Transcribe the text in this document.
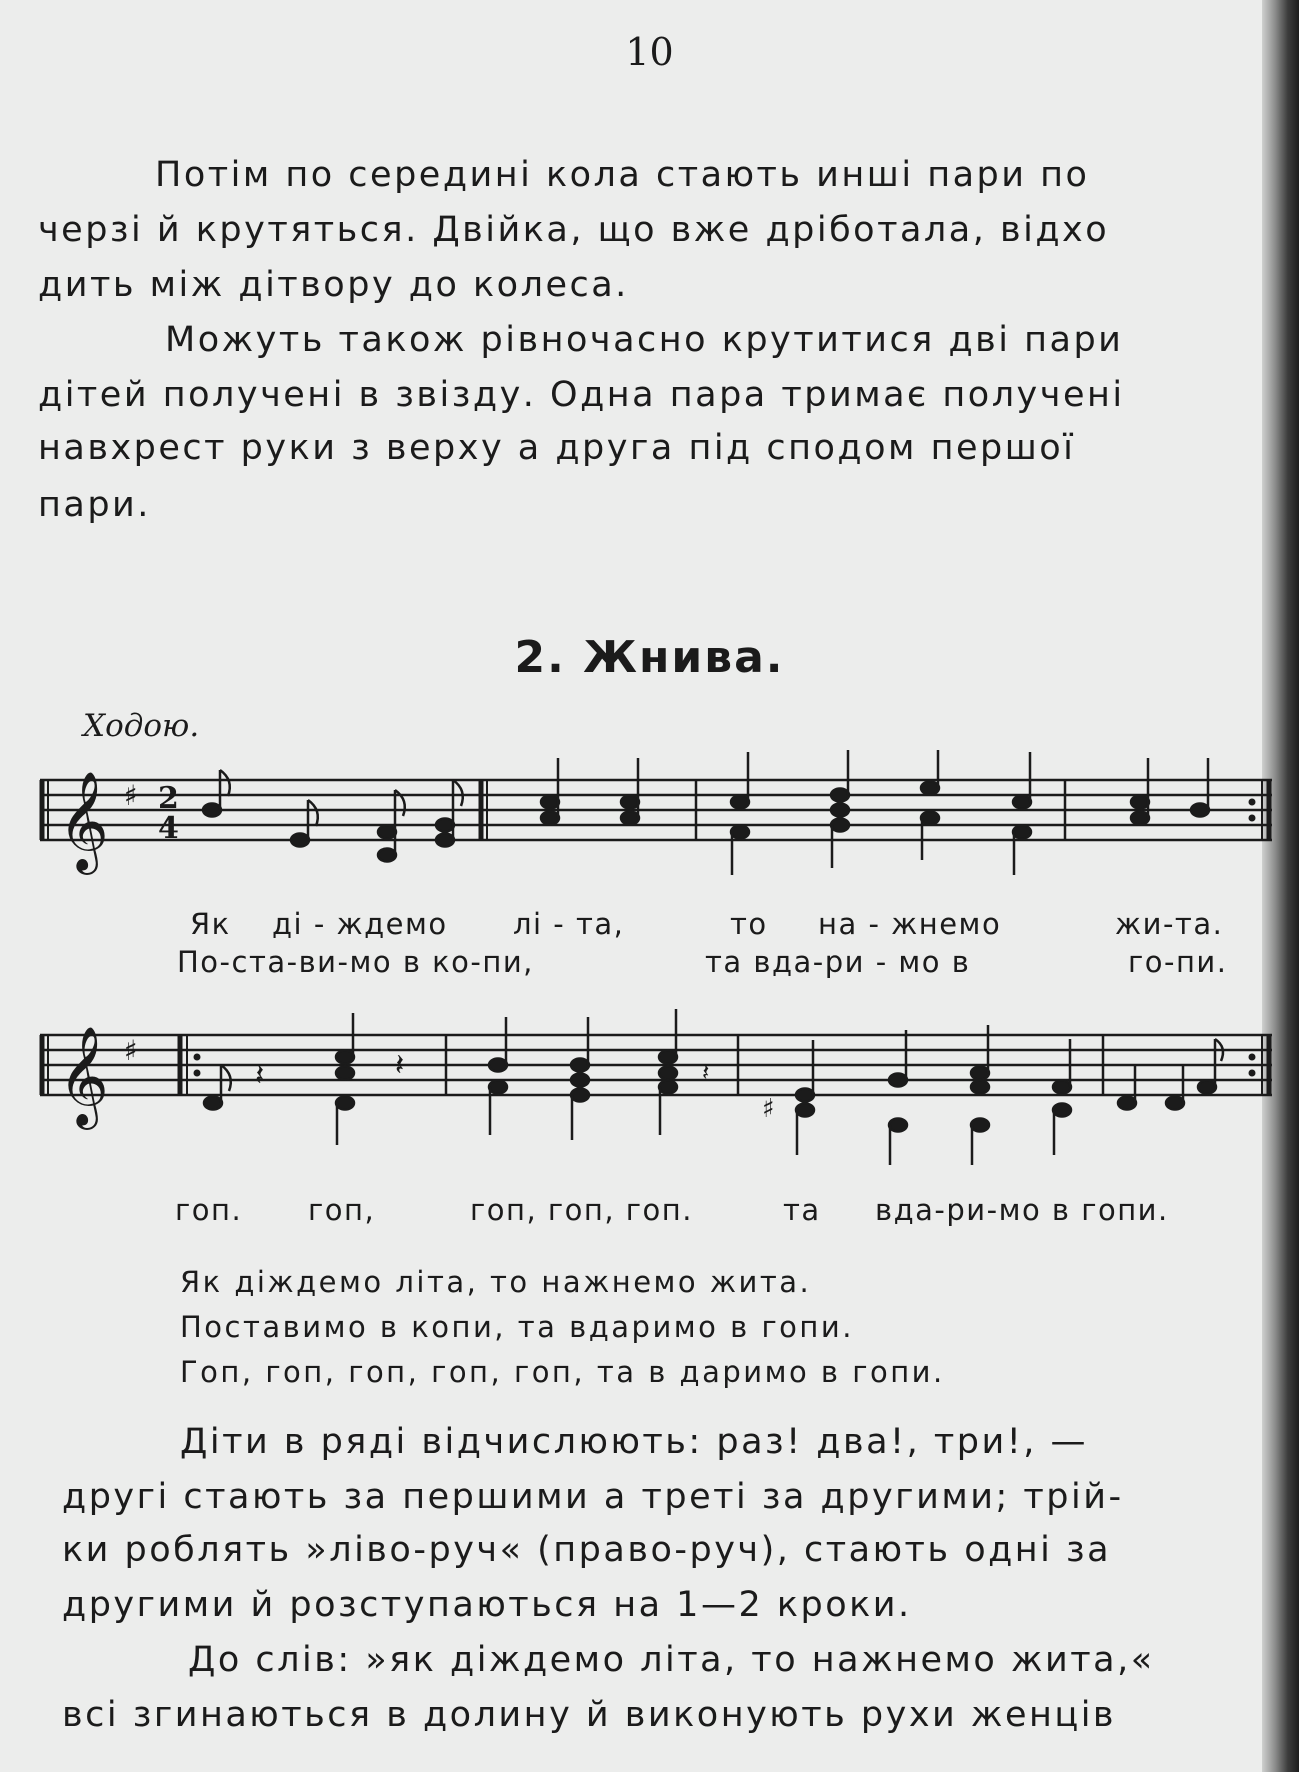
10

Потім по середині кола стають инші пари по

черзі й крутяться. Двійка, що вже дріботала, відхо

дить між дітвору до колеса.

Можуть також рівночасно крутитися дві пари

дітей получені в звізду. Одна пара тримає получені

навхрест руки з верху а друга під сподом першої

пари.

2. Жнива.
Ходою.
𝄞 ♯ 2
4
Як ді - ждемо лі - та,	то на - жнемо	жи-та.
По-ста-ви-мо в ко-пи,	та вда-ри - мо в	го-пи.
𝄞 ♯
𝄽	𝄽	𝄽
♯
гоп. гоп,	гоп, гоп, гоп.	та вда-ри-мо в гопи.
Як діждемо літа, то нажнемо жита.
Поставимо в копи, та вдаримо в гопи.
Гоп, гоп, гоп, гоп, гоп, та в даримо в гопи.

Діти в ряді відчислюють: раз! два!, три!, —

другі стають за першими а треті за другими; трій-

ки роблять »ліво-руч« (право-руч), стають одні за

другими й розступаються на 1—2 кроки.

До слів: »як діждемо літа, то нажнемо жита,«

всі згинаються в долину й виконують рухи женців
